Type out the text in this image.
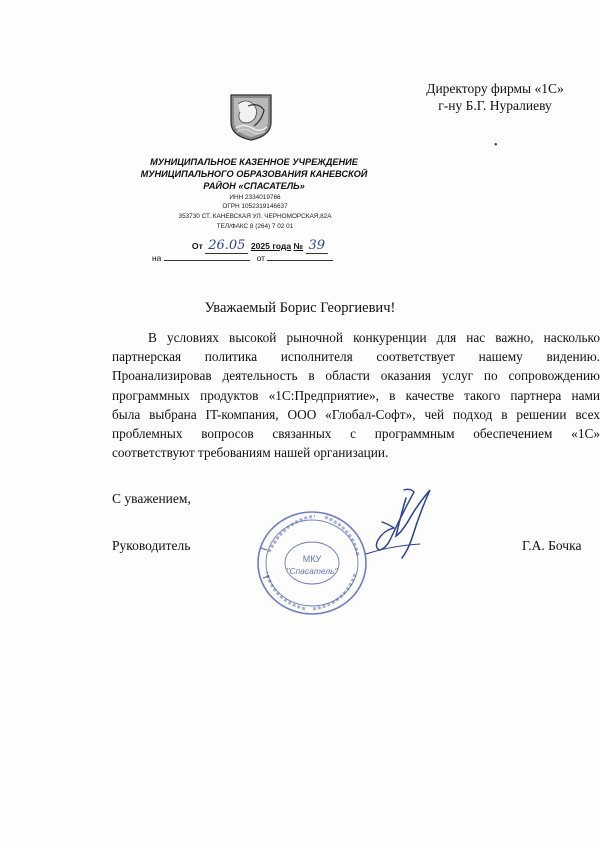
Директору фирмы «1С»
г-ну Б.Г. Нуралиеву
•
МУНИЦИПАЛЬНОЕ КАЗЕННОЕ УЧРЕЖДЕНИЕ
МУНИЦИПАЛЬНОГО ОБРАЗОВАНИЯ КАНЕВСКОЙ
РАЙОН «СПАСАТЕЛЬ»
ИНН 2334019766
ОГРН 1052319146637
353730 СТ. КАНЕВСКАЯ УЛ. ЧЕРНОМОРСКАЯ,82А
ТЕЛ/ФАКС 8 (264) 7 02 01
От 26.05 2025 года № 39
на	от
Уважаемый Борис Георгиевич!
В условиях высокой рыночной конкуренции для нас важно, насколько
партнерская политика исполнителя соответствует нашему видению.
Проанализировав деятельность в области оказания услуг по сопровождению
программных продуктов «1С:Предприятие», в качестве такого партнера нами
была выбрана IT-компания, ООО «Глобал-Софт», чей подход в решении всех
проблемных вопросов связанных с программным обеспечением «1С»
соответствуют требованиям нашей организации.
С уважением,
Руководитель	Г.А. Бочка
МКУ
"Спасатель"
